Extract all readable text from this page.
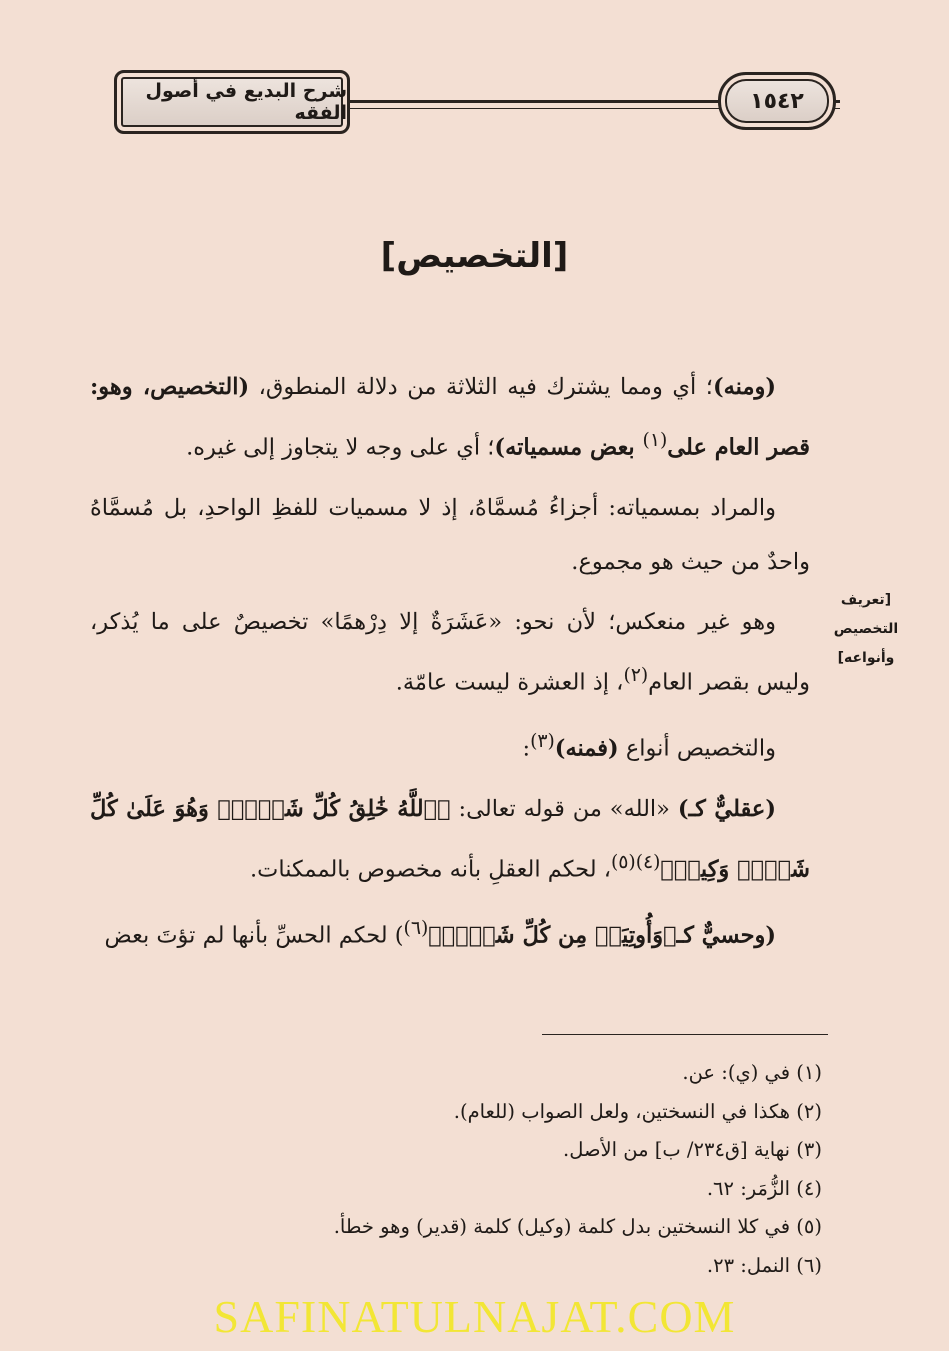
شرح البديع في أصول الفقه	١٥٤٢
[التخصيص]
[تعريف
التخصيص
وأنواعه]

(ومنه)؛ أي ومما يشترك فيه الثلاثة من دلالة المنطوق، (التخصيص، وهو: قصر العام على$^{(١)}$ بعض مسمياته)؛ أي على وجه لا يتجاوز إلى غيره.

والمراد بمسمياته: أجزاءُ مُسمَّاهُ، إذ لا مسميات للفظِ الواحدِ، بل مُسمَّاهُ واحدٌ من حيث هو مجموع.

وهو غير منعكس؛ لأن نحو: «عَشَرَةٌ إلا دِرْهمًا» تخصيصٌ على ما يُذكر، وليس بقصر العام$^{(٢)}$، إذ العشرة ليست عامّة.

والتخصيص أنواع (فمنه)$^{(٣)}$:

(عقليٌّ كـ) «الله» من قوله تعالى: ﴿ٱللَّهُ خَٰلِقُ كُلِّ شَيۡءٖۖ وَهُوَ عَلَىٰ كُلِّ شَيۡءٖ وَكِيلٞ﴾$^{(٤)(٥)}$، لحكم العقلِ بأنه مخصوص بالممكنات.

(وحسيٌّ كـ﴿وَأُوتِيَتۡ مِن كُلِّ شَيۡءٖ﴾$^{(٦)}$) لحكم الحسِّ بأنها لم تؤتَ بعض

(١) في (ي): عن.
(٢) هكذا في النسختين، ولعل الصواب (للعام).
(٣) نهاية [ق٢٣٤/ ب] من الأصل.
(٤) الزُّمَر: ٦٢.
(٥) في كلا النسختين بدل كلمة (وكيل) كلمة (قدير) وهو خطأ.
(٦) النمل: ٢٣.
SAFINATULNAJAT.COM
